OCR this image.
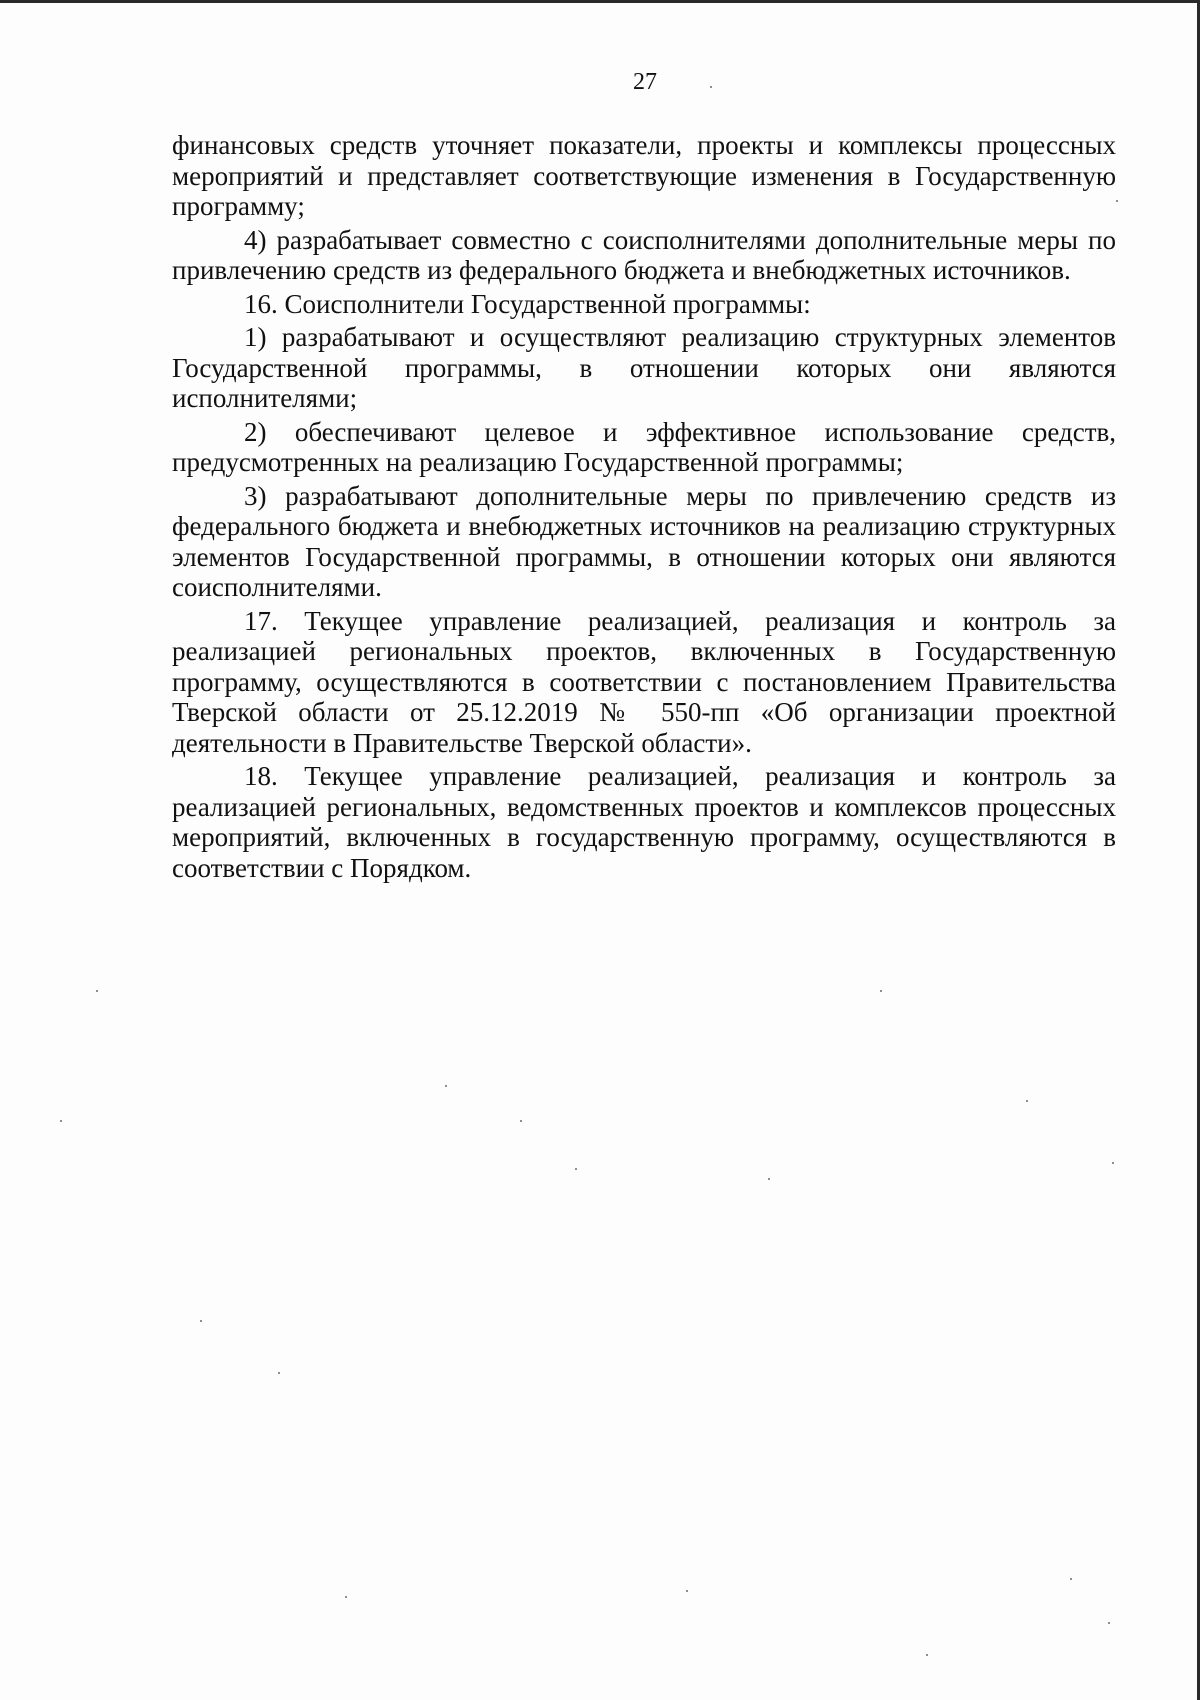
27

финансовых средств уточняет показатели, проекты и комплексы процессных мероприятий и представляет соответствующие изменения в Государственную программу;

4) разрабатывает совместно с соисполнителями дополнительные меры по привлечению средств из федерального бюджета и внебюджетных источников.

16. Соисполнители Государственной программы:

1) разрабатывают и осуществляют реализацию структурных элементов Государственной программы, в отношении которых они являются исполнителями;

2) обеспечивают целевое и эффективное использование средств, предусмотренных на реализацию Государственной программы;

3) разрабатывают дополнительные меры по привлечению средств из федерального бюджета и внебюджетных источников на реализацию структурных элементов Государственной программы, в отношении которых они являются соисполнителями.

17. Текущее управление реализацией, реализация и контроль за реализацией региональных проектов, включенных в Государственную программу, осуществляются в соответствии с постановлением Правительства Тверской области от 25.12.2019 № 550-пп «Об организации проектной деятельности в Правительстве Тверской области».

18. Текущее управление реализацией, реализация и контроль за реализацией региональных, ведомственных проектов и комплексов процессных мероприятий, включенных в государственную программу, осуществляются в соответствии с Порядком.
